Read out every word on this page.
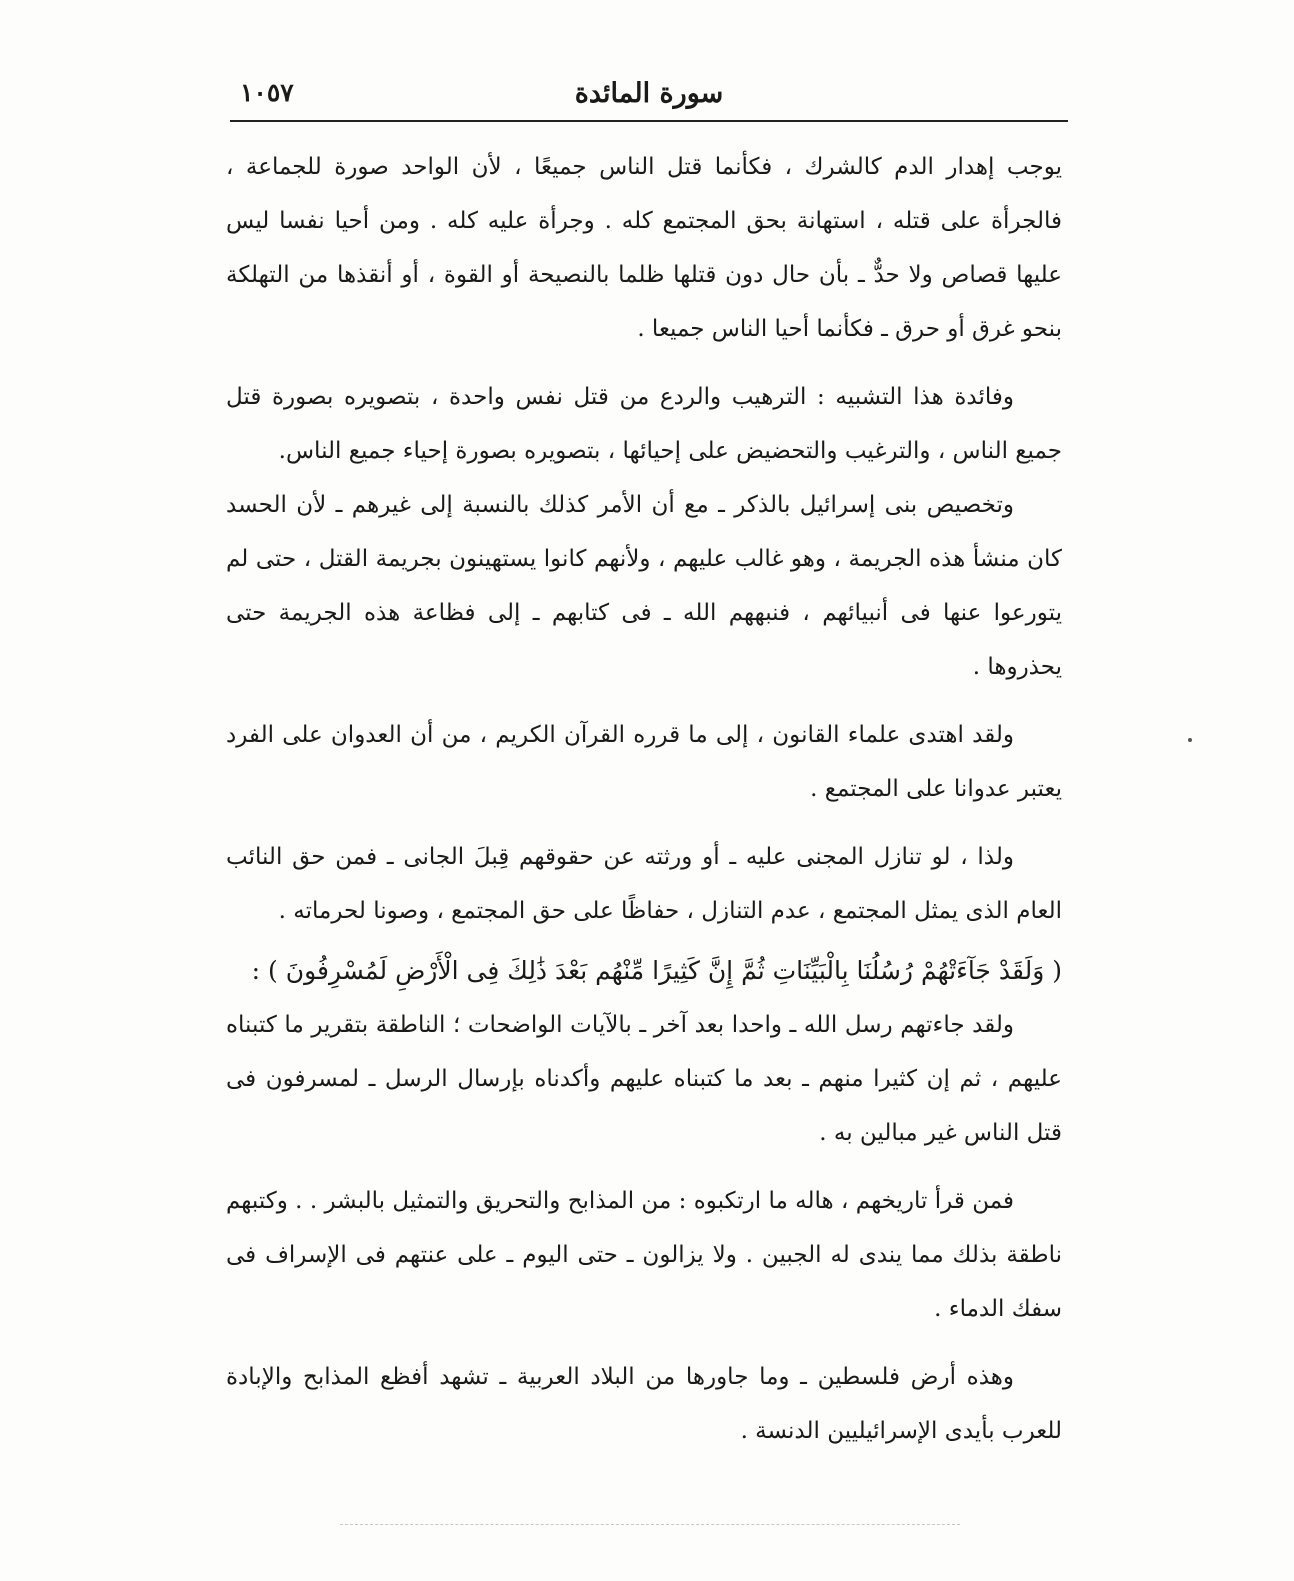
سورة المائدة
١٠٥٧

يوجب إهدار الدم كالشرك ، فكأنما قتل الناس جميعًا ، لأن الواحد صورة للجماعة ، فالجرأة على قتله ، استهانة بحق المجتمع كله . وجرأة عليه كله . ومن أحيا نفسا ليس عليها قصاص ولا حدٌّ ـ بأن حال دون قتلها ظلما بالنصيحة أو القوة ، أو أنقذها من التهلكة بنحو غرق أو حرق ـ فكأنما أحيا الناس جميعا .

وفائدة هذا التشبيه : الترهيب والردع من قتل نفس واحدة ، بتصويره بصورة قتل جميع الناس ، والترغيب والتحضيض على إحيائها ، بتصويره بصورة إحياء جميع الناس.

وتخصيص بنى إسرائيل بالذكر ـ مع أن الأمر كذلك بالنسبة إلى غيرهم ـ لأن الحسد كان منشأ هذه الجريمة ، وهو غالب عليهم ، ولأنهم كانوا يستهينون بجريمة القتل ، حتى لم يتورعوا عنها فى أنبيائهم ، فنبههم الله ـ فى كتابهم ـ إلى فظاعة هذه الجريمة حتى يحذروها .

ولقد اهتدى علماء القانون ، إلى ما قرره القرآن الكريم ، من أن العدوان على الفرد يعتبر عدوانا على المجتمع .

ولذا ، لو تنازل المجنى عليه ـ أو ورثته عن حقوقهم قِبلَ الجانى ـ فمن حق النائب العام الذى يمثل المجتمع ، عدم التنازل ، حفاظًا على حق المجتمع ، وصونا لحرماته .

( وَلَقَدْ جَآءَتْهُمْ رُسُلُنَا بِالْبَيِّنَاتِ ثُمَّ إِنَّ كَثِيرًا مِّنْهُم بَعْدَ ذَٰلِكَ فِى الْأَرْضِ لَمُسْرِفُونَ ) :

ولقد جاءتهم رسل الله ـ واحدا بعد آخر ـ بالآيات الواضحات ؛ الناطقة بتقرير ما كتبناه عليهم ، ثم إن كثيرا منهم ـ بعد ما كتبناه عليهم وأكدناه بإرسال الرسل ـ لمسرفون فى قتل الناس غير مبالين به .

فمن قرأ تاريخهم ، هاله ما ارتكبوه : من المذابح والتحريق والتمثيل بالبشر . . وكتبهم ناطقة بذلك مما يندى له الجبين . ولا يزالون ـ حتى اليوم ـ على عنتهم فى الإسراف فى سفك الدماء .

وهذه أرض فلسطين ـ وما جاورها من البلاد العربية ـ تشهد أفظع المذابح والإبادة للعرب بأيدى الإسرائيليين الدنسة .
